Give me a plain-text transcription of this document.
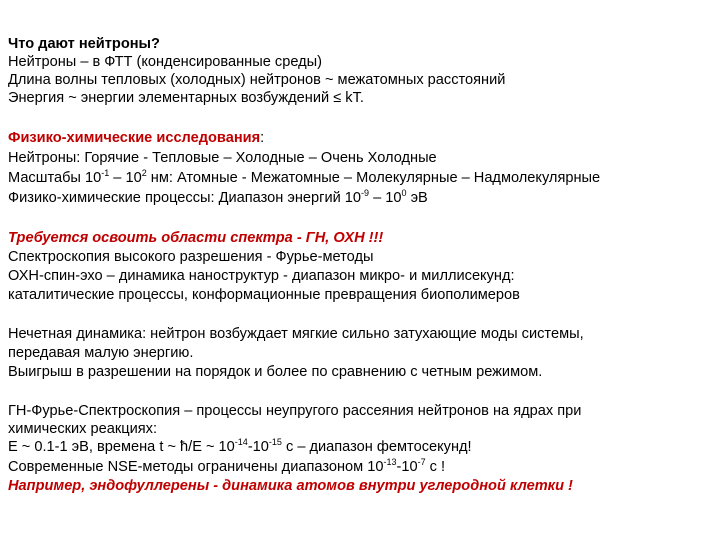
Что дают нейтроны?
Нейтроны – в ФТТ (конденсированные среды)
Длина волны тепловых (холодных) нейтронов ~ межатомных расстояний
Энергия ~ энергии элементарных возбуждений ≤ kT.
Физико-химические исследования:
Нейтроны: Горячие - Тепловые – Холодные – Очень Холодные
Масштабы $10^{-1} - 10^2$ нм: Атомные - Межатомные – Молекулярные – Надмолекулярные
Физико-химические процессы: Диапазон энергий $10^{-9} - 10^0$ эВ
Требуется освоить области спектра - ГН, ОХН !!!
Спектроскопия высокого разрешения - Фурье-методы
ОХН-спин-эхо – динамика наноструктур - диапазон микро- и миллисекунд:
каталитические процессы, конформационные превращения биополимеров
Нечетная динамика: нейтрон возбуждает мягкие сильно затухающие моды системы,
передавая малую энергию.
Выигрыш в разрешении на порядок и более по сравнению с четным режимом.
ГН-Фурье-Спектроскопия – процессы неупругого рассеяния нейтронов на ядрах при
химических реакциях:
E ~ 0.1-1 эВ, времена t ~ ħ/E ~ $10^{-14}-10^{-15}$ с – диапазон фемтосекунд!
Современные NSE-методы ограничены диапазоном $10^{-13}-10^{-7}$ с !
Например, эндофуллерены - динамика атомов внутри углеродной клетки !
